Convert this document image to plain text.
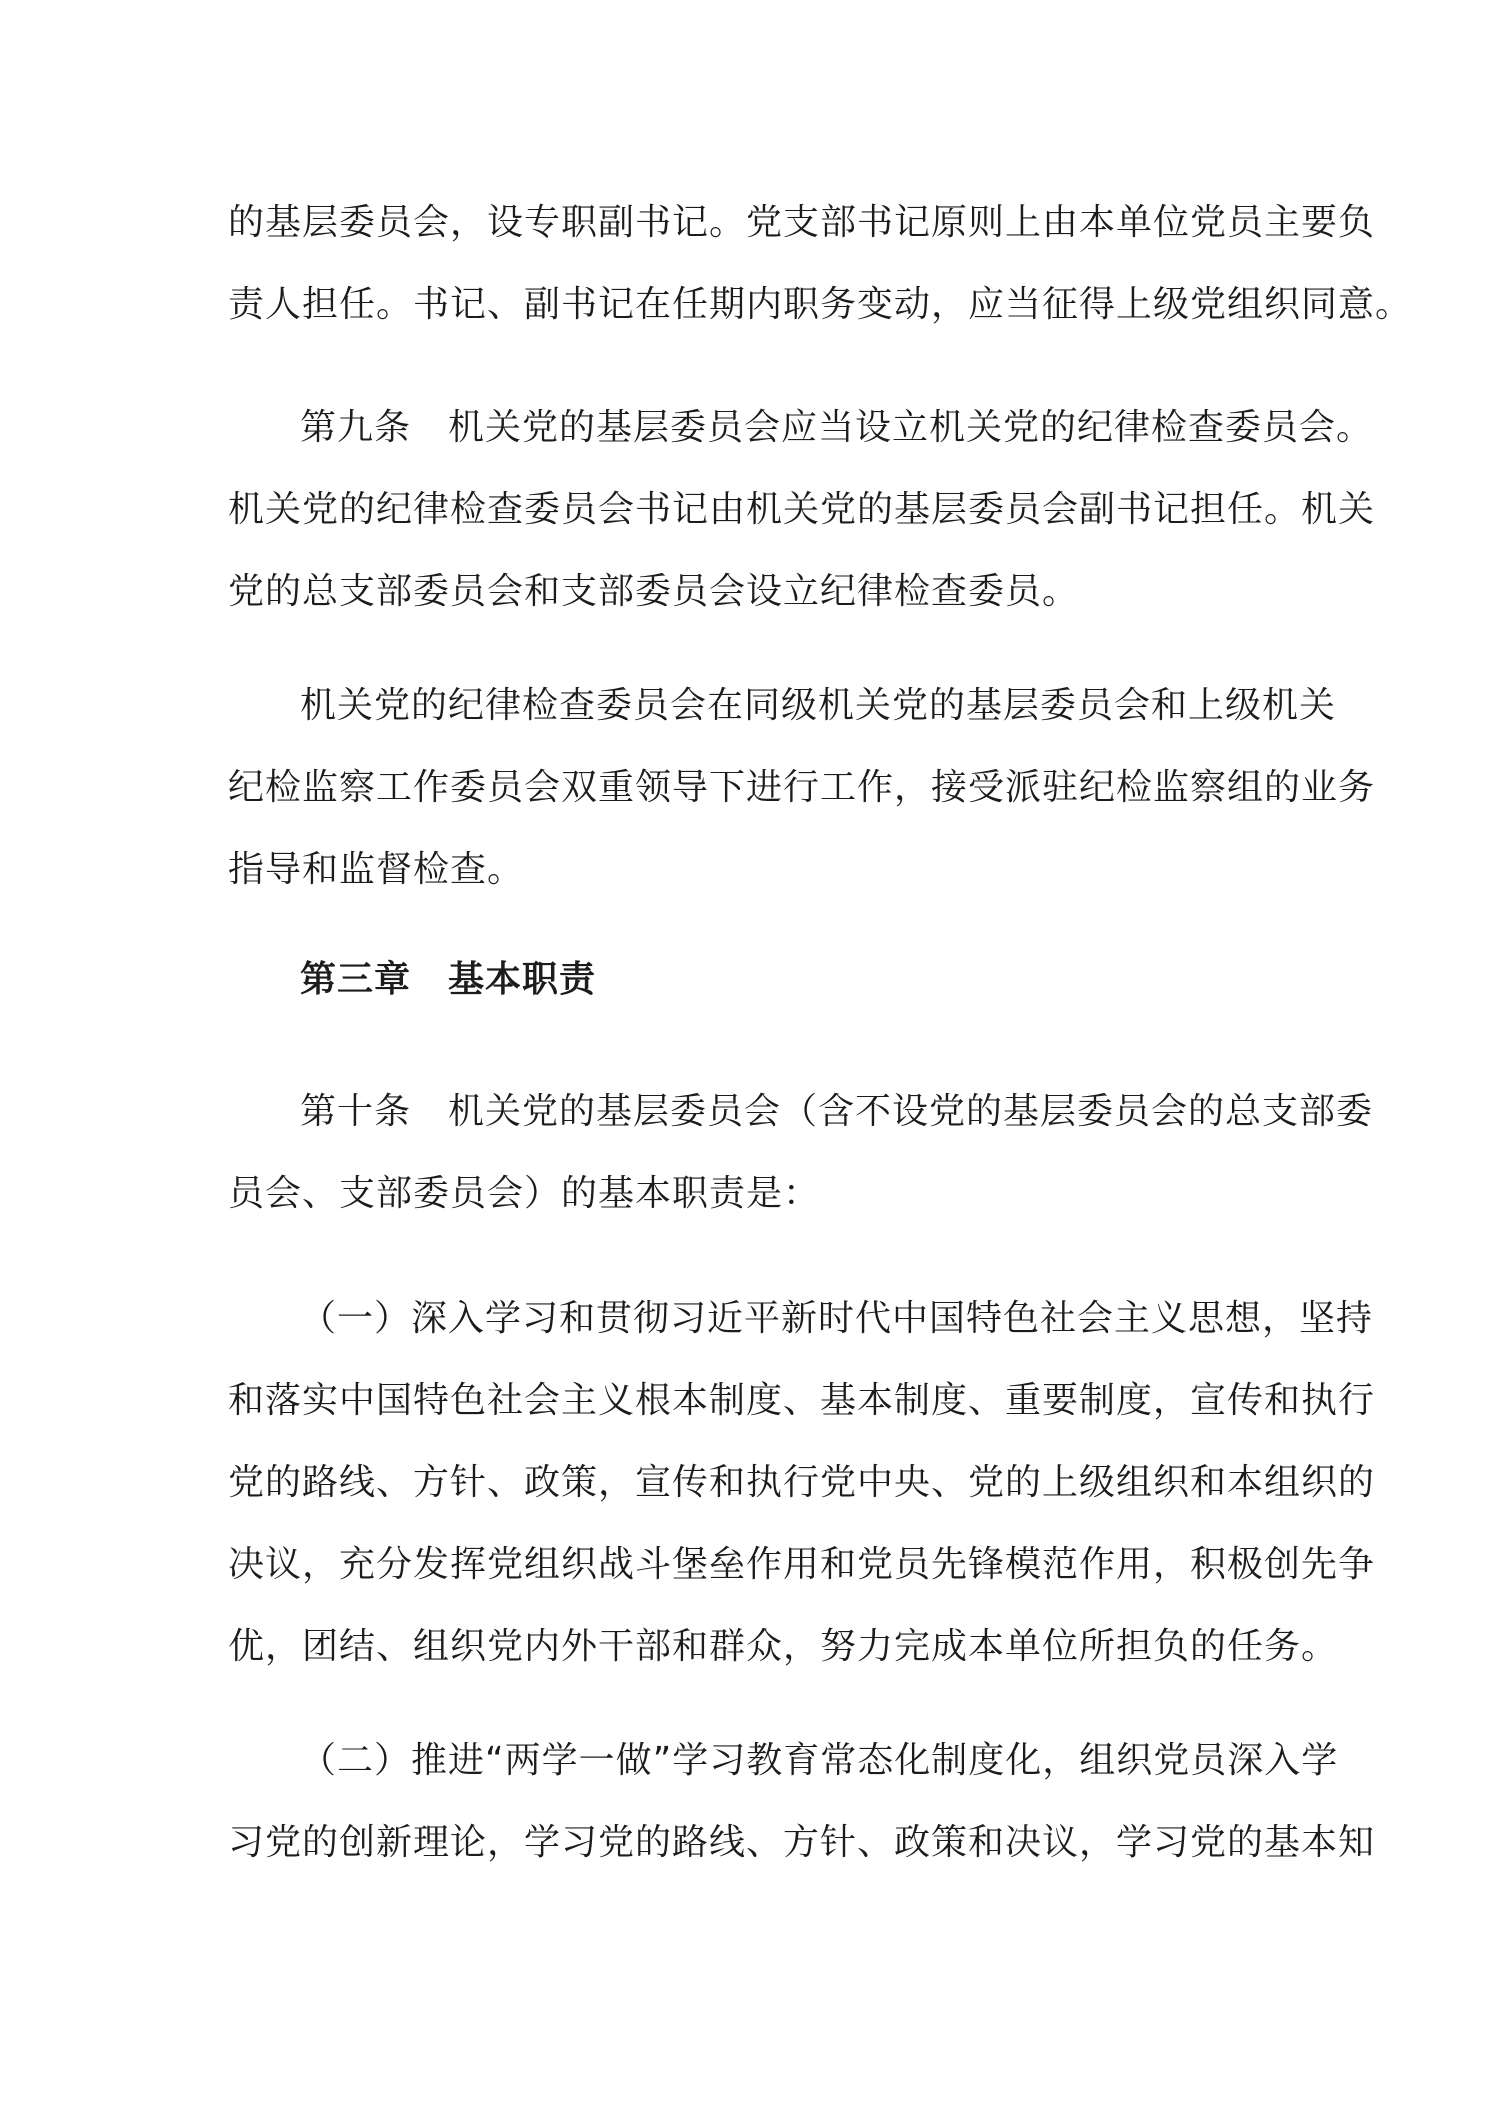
的基层委员会，设专职副书记。党支部书记原则上由本单位党员主要负
责人担任。书记、副书记在任期内职务变动，应当征得上级党组织同意。
第九条　机关党的基层委员会应当设立机关党的纪律检查委员会。
机关党的纪律检查委员会书记由机关党的基层委员会副书记担任。机关
党的总支部委员会和支部委员会设立纪律检查委员。
机关党的纪律检查委员会在同级机关党的基层委员会和上级机关
纪检监察工作委员会双重领导下进行工作，接受派驻纪检监察组的业务
指导和监督检查。
第三章　基本职责
第十条　机关党的基层委员会（含不设党的基层委员会的总支部委
员会、支部委员会）的基本职责是：
（一）深入学习和贯彻习近平新时代中国特色社会主义思想，坚持
和落实中国特色社会主义根本制度、基本制度、重要制度，宣传和执行
党的路线、方针、政策，宣传和执行党中央、党的上级组织和本组织的
决议，充分发挥党组织战斗堡垒作用和党员先锋模范作用，积极创先争
优，团结、组织党内外干部和群众，努力完成本单位所担负的任务。
（二）推进“两学一做”学习教育常态化制度化，组织党员深入学
习党的创新理论，学习党的路线、方针、政策和决议，学习党的基本知
